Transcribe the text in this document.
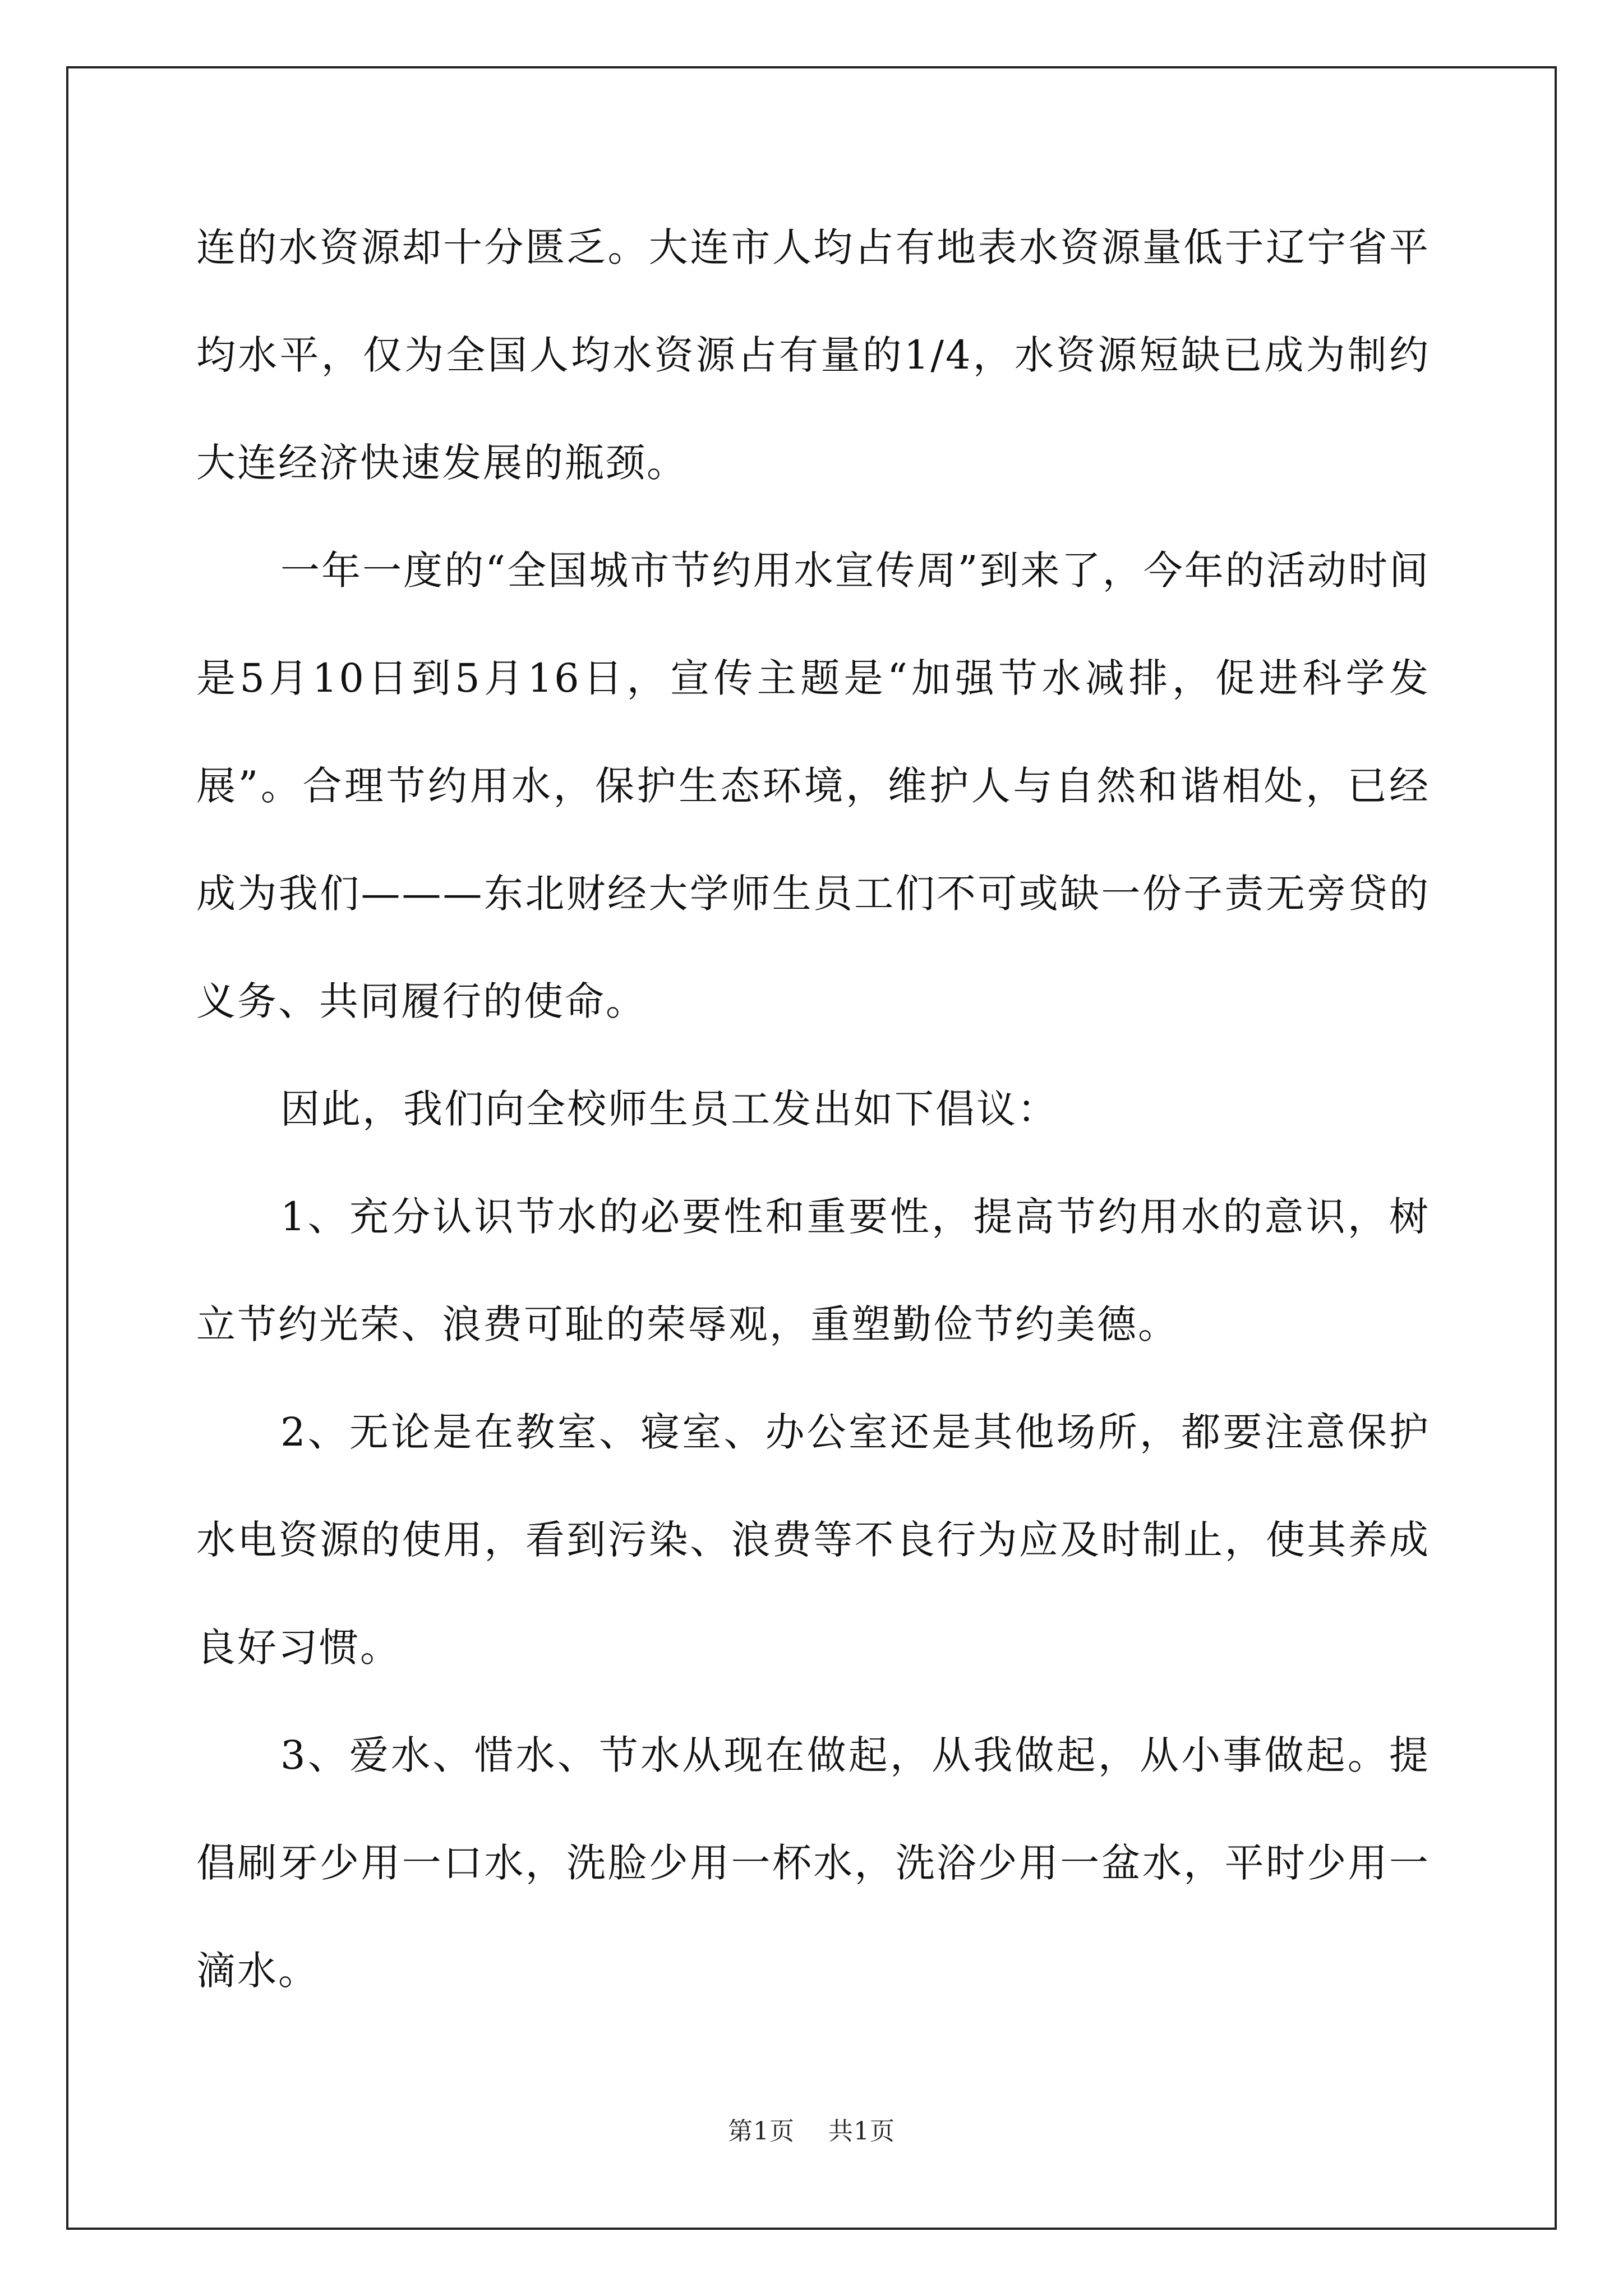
连的水资源却十分匮乏。大连市人均占有地表水资源量低于辽宁省平均水平，仅为全国人均水资源占有量的1/4，水资源短缺已成为制约大连经济快速发展的瓶颈。

一年一度的“全国城市节约用水宣传周”到来了，今年的活动时间是5月10日到5月16日，宣传主题是“加强节水减排，促进科学发展”。合理节约用水，保护生态环境，维护人与自然和谐相处，已经成为我们———东北财经大学师生员工们不可或缺一份子责无旁贷的义务、共同履行的使命。

因此，我们向全校师生员工发出如下倡议：

1、充分认识节水的必要性和重要性，提高节约用水的意识，树立节约光荣、浪费可耻的荣辱观，重塑勤俭节约美德。

2、无论是在教室、寝室、办公室还是其他场所，都要注意保护水电资源的使用，看到污染、浪费等不良行为应及时制止，使其养成良好习惯。

3、爱水、惜水、节水从现在做起，从我做起，从小事做起。提倡刷牙少用一口水，洗脸少用一杯水，洗浴少用一盆水，平时少用一滴水。

第1页 共1页
